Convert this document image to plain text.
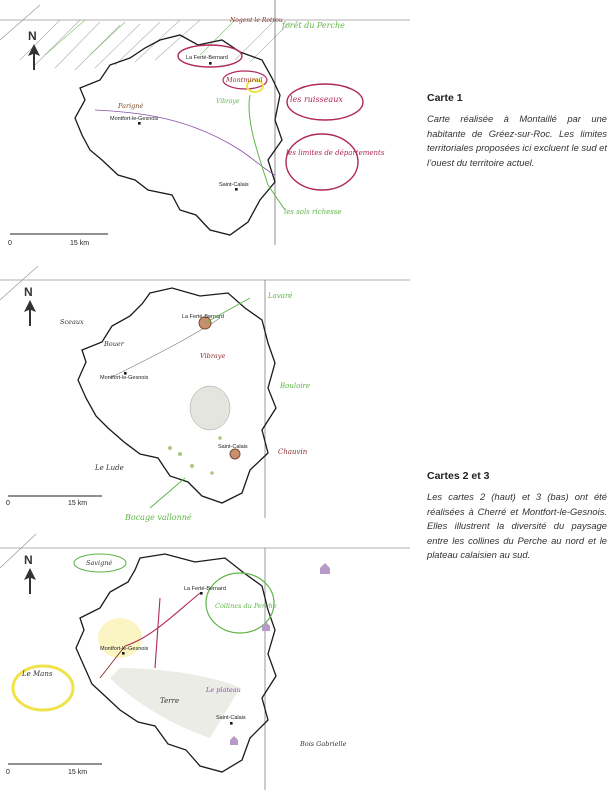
La Ferté-Bernard
Montfort-le-Gesnois
Saint-Calais
Nogent le Rotrou
forêt du Perche
Montmirail
Vibraye
Parigné
les ruisseaux
les limites de départements
les sols richesse
N
0	15 km
La Ferté-Bernard
Montfort-le-Gesnois
Saint-Calais
Sceaux
Bouer
Lavaré
Vibraye
Bouloire
Le Lude
Bocage vallonné
Chauvin
N
0	15 km
La Ferté-Bernard
Montfort-le-Gesnois
Saint-Calais
Savigné
Le Mans
Collines du Perche
Terre
Le plateau
Bois Gabrielle
N
0	15 km
Carte 1

Carte réalisée à Montaillé par une habitante de Gréez-sur-Roc. Les limites territoriales proposées ici excluent le sud et l’ouest du territoire actuel.

Cartes 2 et 3

Les cartes 2 (haut) et 3 (bas) ont été réalisées à Cherré et Montfort-le-Gesnois. Elles illustrent la diversité du paysage entre les collines du Perche au nord et le plateau calaisien au sud.
